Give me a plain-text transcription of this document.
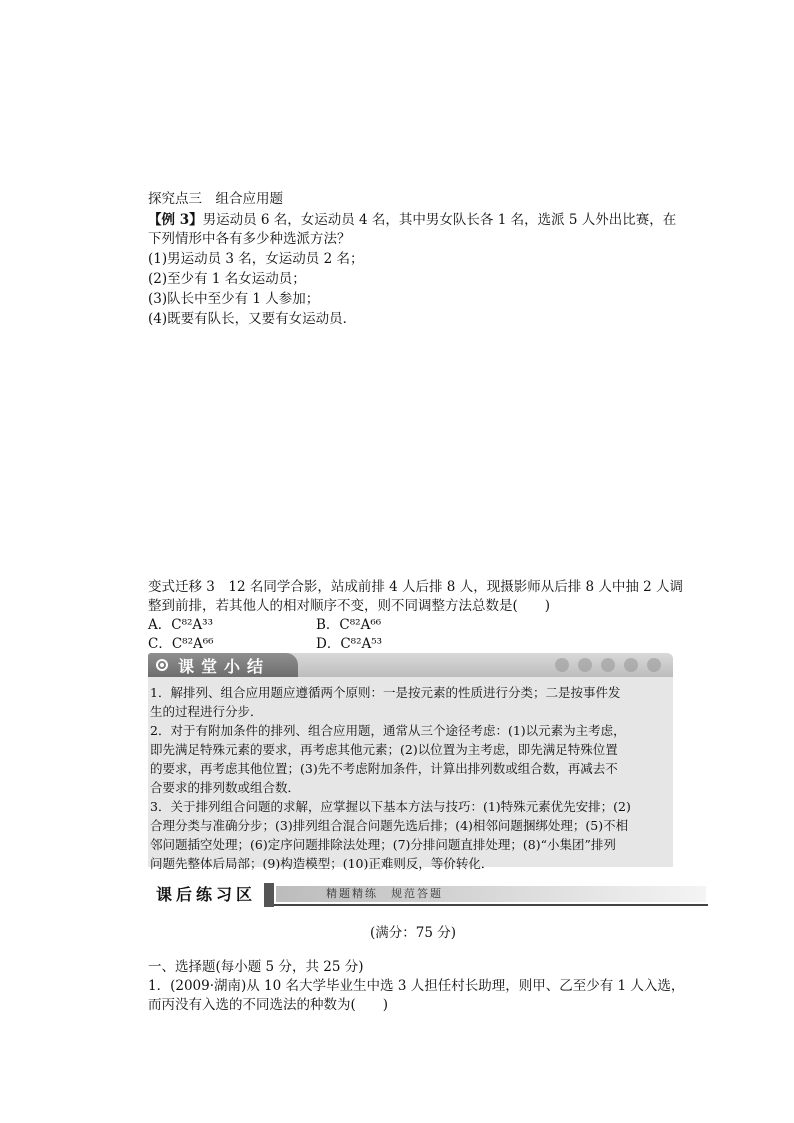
探究点三　组合应用题
【例 3】男运动员 6 名，女运动员 4 名，其中男女队长各 1 名，选派 5 人外出比赛，在
下列情形中各有多少种选派方法？
(1)男运动员 3 名，女运动员 2 名；
(2)至少有 1 名女运动员；
(3)队长中至少有 1 人参加；
(4)既要有队长，又要有女运动员．
变式迁移 3　12 名同学合影，站成前排 4 人后排 8 人，现摄影师从后排 8 人中抽 2 人调
整到前排，若其他人的相对顺序不变，则不同调整方法总数是(　　)
A．C⁸²A³³	B．C⁸²A⁶⁶
C．C⁸²A⁶⁶	D．C⁸²A⁵³
课堂小结
1．解排列、组合应用题应遵循两个原则：一是按元素的性质进行分类；二是按事件发
生的过程进行分步．
2．对于有附加条件的排列、组合应用题，通常从三个途径考虑：(1)以元素为主考虑，
即先满足特殊元素的要求，再考虑其他元素；(2)以位置为主考虑，即先满足特殊位置
的要求，再考虑其他位置；(3)先不考虑附加条件，计算出排列数或组合数，再减去不
合要求的排列数或组合数．
3．关于排列组合问题的求解，应掌握以下基本方法与技巧：(1)特殊元素优先安排；(2)
合理分类与准确分步；(3)排列组合混合问题先选后排；(4)相邻问题捆绑处理；(5)不相
邻问题插空处理；(6)定序问题排除法处理；(7)分排问题直排处理；(8)“小集团”排列
问题先整体后局部；(9)构造模型；(10)正难则反，等价转化．
课后练习区	精题精练　规范答题
(满分：75 分)
一、选择题(每小题 5 分，共 25 分)
1．(2009·湖南)从 10 名大学毕业生中选 3 人担任村长助理，则甲、乙至少有 1 人入选，
而丙没有入选的不同选法的种数为(　　)
